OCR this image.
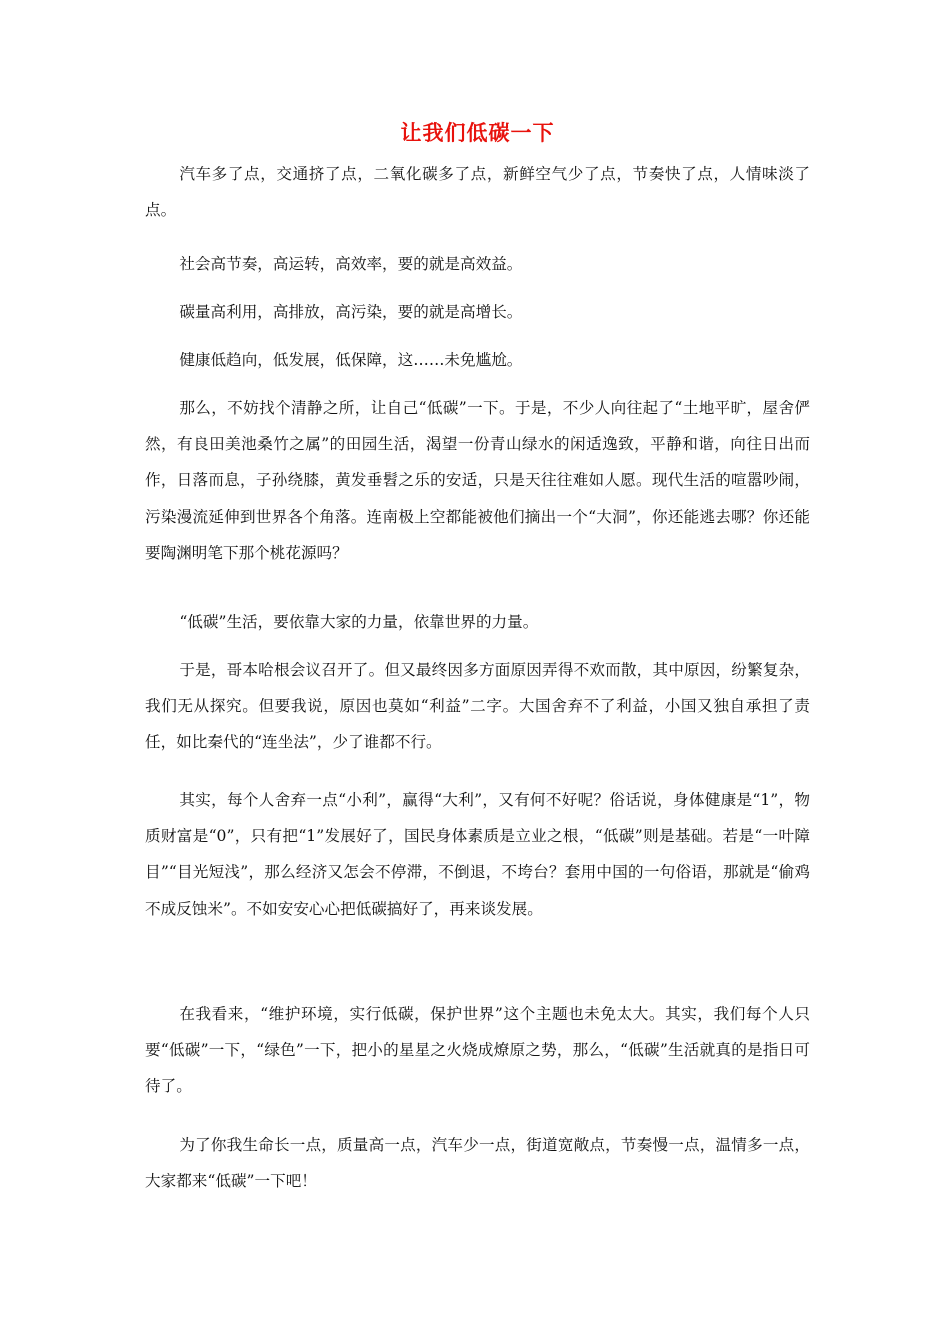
让我们低碳一下

汽车多了点，交通挤了点，二氧化碳多了点，新鲜空气少了点，节奏快了点，人情味淡了点。

社会高节奏，高运转，高效率，要的就是高效益。

碳量高利用，高排放，高污染，要的就是高增长。

健康低趋向，低发展，低保障，这……未免尴尬。

那么，不妨找个清静之所，让自己“低碳”一下。于是，不少人向往起了“土地平旷，屋舍俨然，有良田美池桑竹之属”的田园生活，渴望一份青山绿水的闲适逸致，平静和谐，向往日出而作，日落而息，子孙绕膝，黄发垂髫之乐的安适，只是天往往难如人愿。现代生活的喧嚣吵闹，污染漫流延伸到世界各个角落。连南极上空都能被他们摘出一个“大洞”，你还能逃去哪？你还能要陶渊明笔下那个桃花源吗？

“低碳”生活，要依靠大家的力量，依靠世界的力量。

于是，哥本哈根会议召开了。但又最终因多方面原因弄得不欢而散，其中原因，纷繁复杂，我们无从探究。但要我说，原因也莫如“利益”二字。大国舍弃不了利益，小国又独自承担了责任，如比秦代的“连坐法”，少了谁都不行。

其实，每个人舍弃一点“小利”，赢得“大利”，又有何不好呢？俗话说，身体健康是“1”，物质财富是“0”，只有把“1”发展好了，国民身体素质是立业之根，“低碳”则是基础。若是“一叶障目”“目光短浅”，那么经济又怎会不停滞，不倒退，不垮台？套用中国的一句俗语，那就是“偷鸡不成反蚀米”。不如安安心心把低碳搞好了，再来谈发展。

在我看来，“维护环境，实行低碳，保护世界”这个主题也未免太大。其实，我们每个人只要“低碳”一下，“绿色”一下，把小的星星之火烧成燎原之势，那么，“低碳”生活就真的是指日可待了。

为了你我生命长一点，质量高一点，汽车少一点，街道宽敞点，节奏慢一点，温情多一点，大家都来“低碳”一下吧！
